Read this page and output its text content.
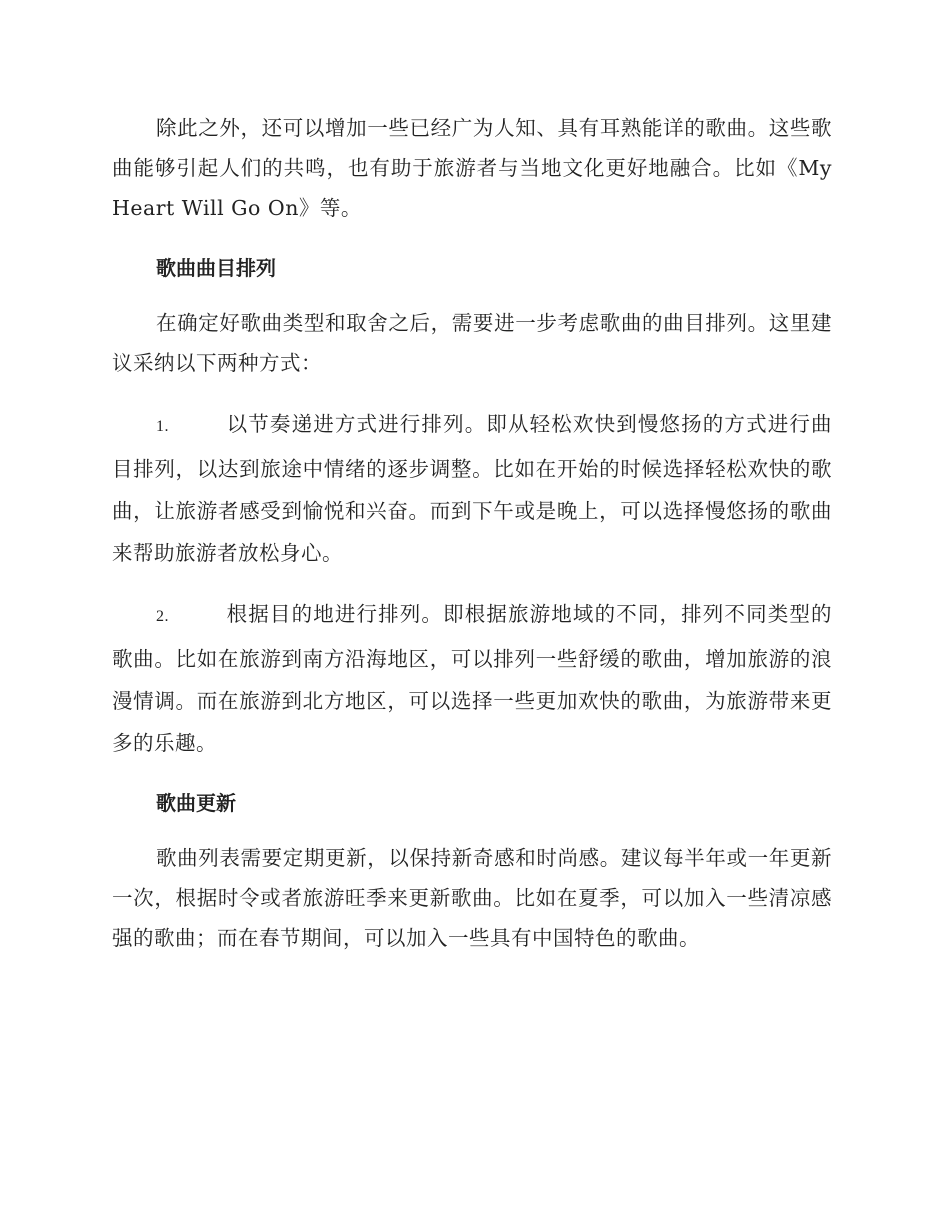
除此之外，还可以增加一些已经广为人知、具有耳熟能详的歌曲。这些歌曲能够引起人们的共鸣，也有助于旅游者与当地文化更好地融合。比如《My Heart Will Go On》等。

歌曲曲目排列

在确定好歌曲类型和取舍之后，需要进一步考虑歌曲的曲目排列。这里建议采纳以下两种方式：

1.	以节奏递进方式进行排列。即从轻松欢快到慢悠扬的方式进行曲目排列，以达到旅途中情绪的逐步调整。比如在开始的时候选择轻松欢快的歌曲，让旅游者感受到愉悦和兴奋。而到下午或是晚上，可以选择慢悠扬的歌曲来帮助旅游者放松身心。
2.	根据目的地进行排列。即根据旅游地域的不同，排列不同类型的歌曲。比如在旅游到南方沿海地区，可以排列一些舒缓的歌曲，增加旅游的浪漫情调。而在旅游到北方地区，可以选择一些更加欢快的歌曲，为旅游带来更多的乐趣。
歌曲更新

歌曲列表需要定期更新，以保持新奇感和时尚感。建议每半年或一年更新一次，根据时令或者旅游旺季来更新歌曲。比如在夏季，可以加入一些清凉感强的歌曲；而在春节期间，可以加入一些具有中国特色的歌曲。
